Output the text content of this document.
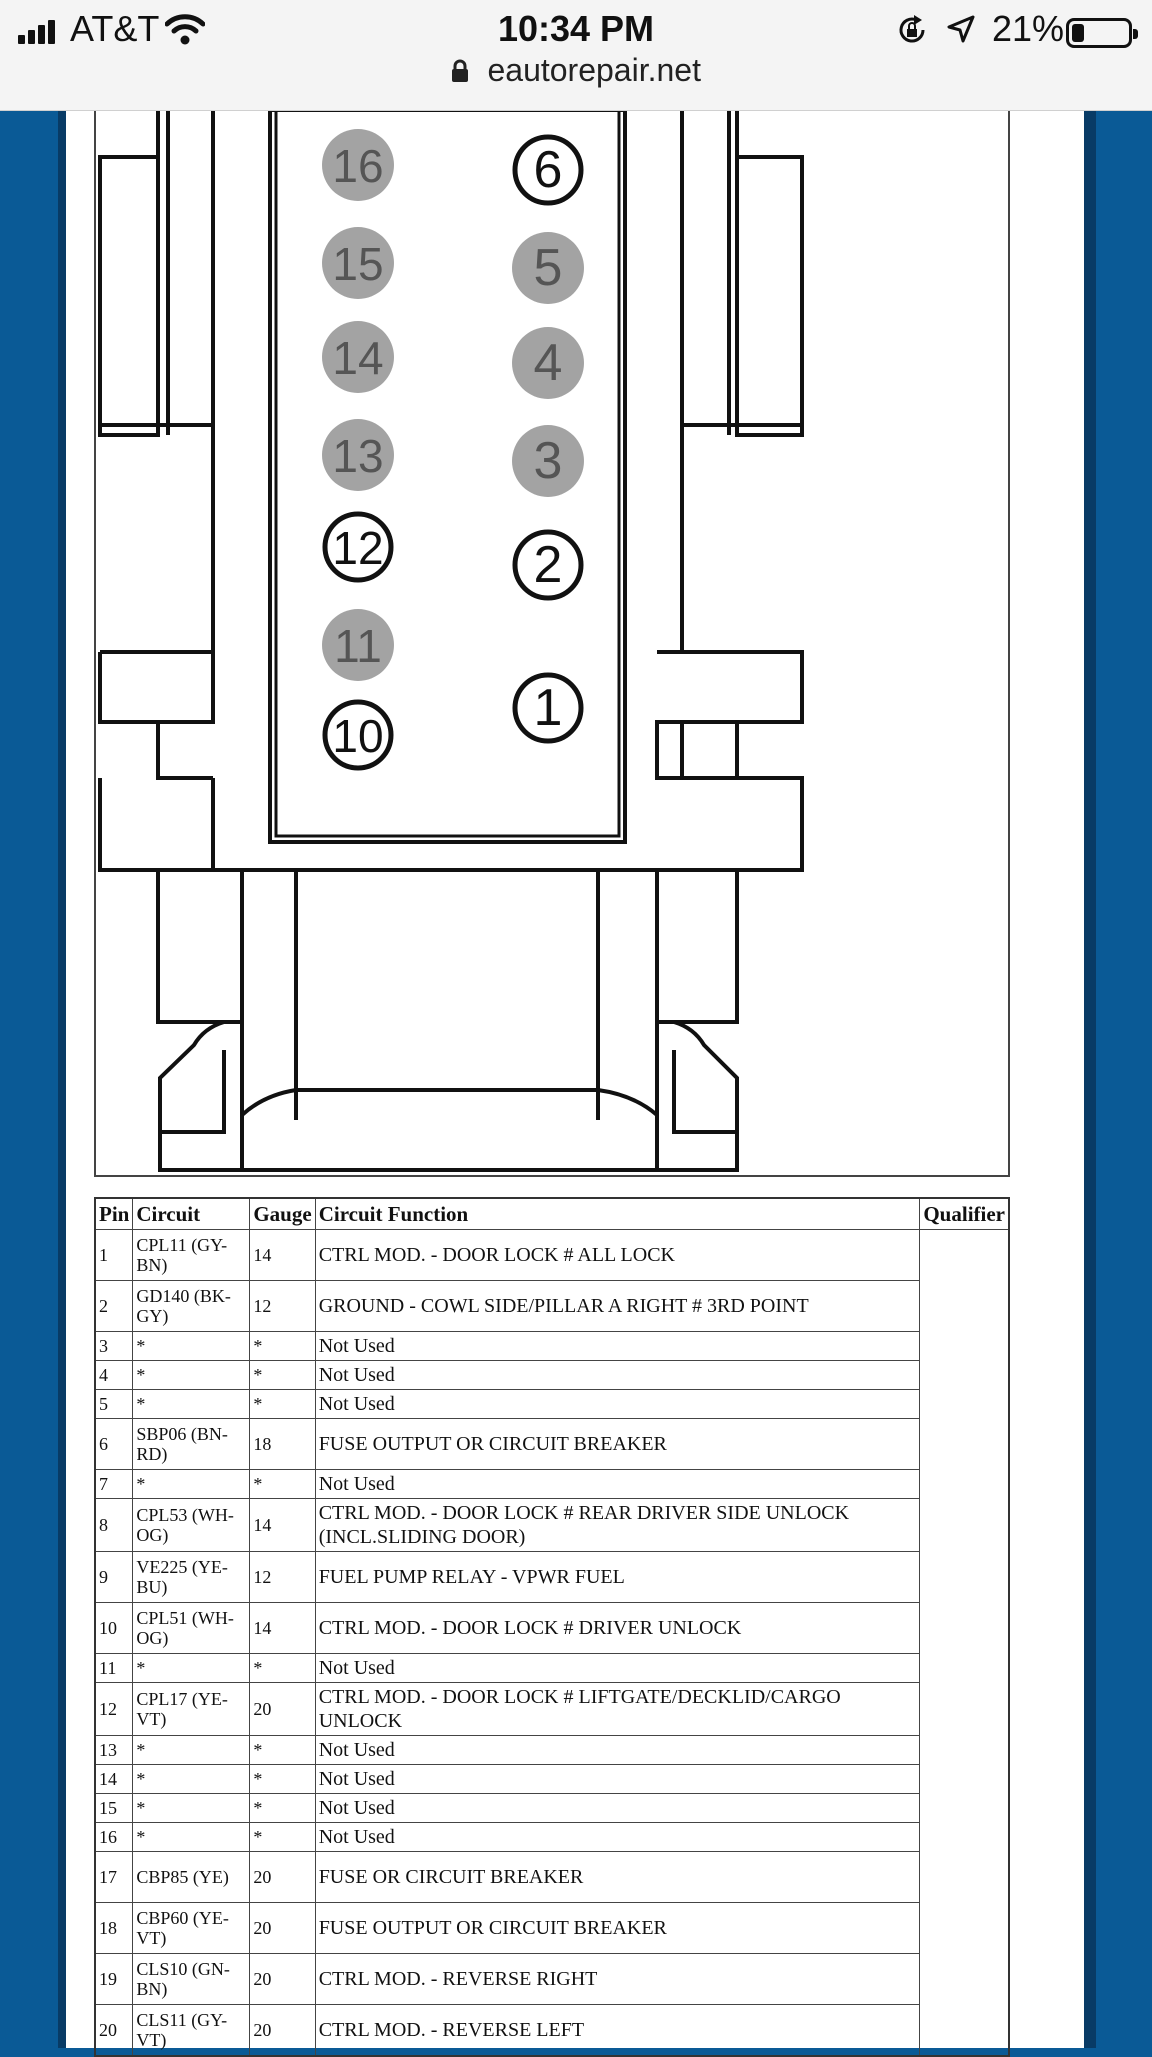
AT&T	10:34 PM	21%
eautorepair.net
16
15
14
13
12
11
10
6
5
4
3
2
1
Pin	Circuit	Gauge	Circuit Function	Qualifier
1	CPL11 (GY-BN)	14	CTRL MOD. - DOOR LOCK # ALL LOCK	
2	GD140 (BK-GY)	12	GROUND - COWL SIDE/PILLAR A RIGHT # 3RD POINT	
3	*	*	Not Used	
4	*	*	Not Used	
5	*	*	Not Used	
6	SBP06 (BN-RD)	18	FUSE OUTPUT OR CIRCUIT BREAKER	
7	*	*	Not Used	
8	CPL53 (WH-OG)	14	CTRL MOD. - DOOR LOCK # REAR DRIVER SIDE UNLOCK (INCL.SLIDING DOOR)	
9	VE225 (YE-BU)	12	FUEL PUMP RELAY - VPWR FUEL	
10	CPL51 (WH-OG)	14	CTRL MOD. - DOOR LOCK # DRIVER UNLOCK	
11	*	*	Not Used	
12	CPL17 (YE-VT)	20	CTRL MOD. - DOOR LOCK # LIFTGATE/DECKLID/CARGO UNLOCK	
13	*	*	Not Used	
14	*	*	Not Used	
15	*	*	Not Used	
16	*	*	Not Used	
17	CBP85 (YE)	20	FUSE OR CIRCUIT BREAKER	
18	CBP60 (YE-VT)	20	FUSE OUTPUT OR CIRCUIT BREAKER	
19	CLS10 (GN-BN)	20	CTRL MOD. - REVERSE RIGHT	
20	CLS11 (GY-VT)	20	CTRL MOD. - REVERSE LEFT	
